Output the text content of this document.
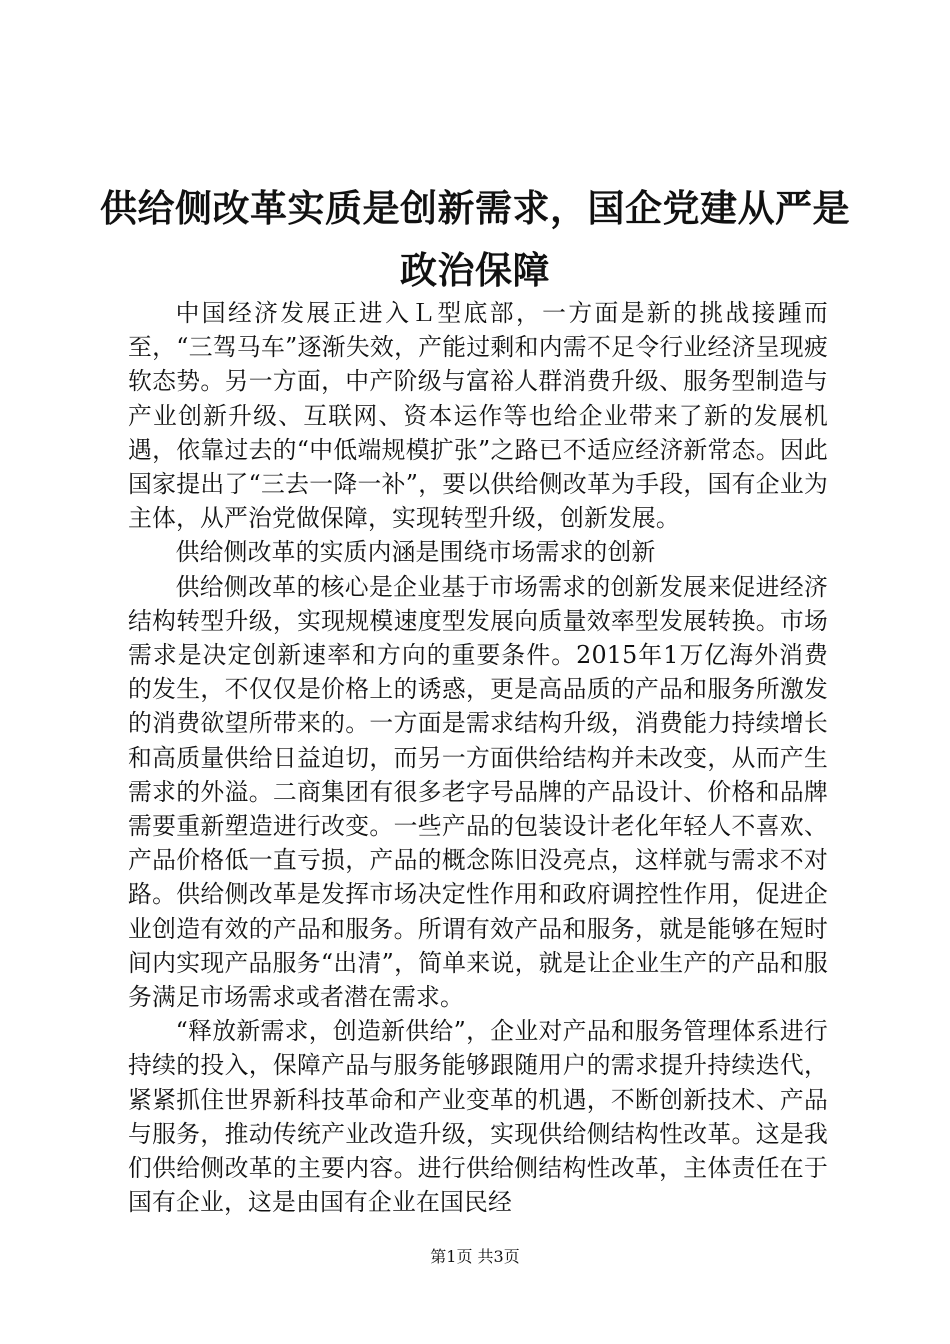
供给侧改革实质是创新需求，国企党建从严是政治保障

中国经济发展正进入Ｌ型底部，一方面是新的挑战接踵而至，“三驾马车”逐渐失效，产能过剩和内需不足令行业经济呈现疲软态势。另一方面，中产阶级与富裕人群消费升级、服务型制造与产业创新升级、互联网、资本运作等也给企业带来了新的发展机遇，依靠过去的“中低端规模扩张”之路已不适应经济新常态。因此国家提出了“三去一降一补”，要以供给侧改革为手段，国有企业为主体，从严治党做保障，实现转型升级，创新发展。

供给侧改革的实质内涵是围绕市场需求的创新

供给侧改革的核心是企业基于市场需求的创新发展来促进经济结构转型升级，实现规模速度型发展向质量效率型发展转换。市场需求是决定创新速率和方向的重要条件。2015年1万亿海外消费的发生，不仅仅是价格上的诱惑，更是高品质的产品和服务所激发的消费欲望所带来的。一方面是需求结构升级，消费能力持续增长和高质量供给日益迫切，而另一方面供给结构并未改变，从而产生需求的外溢。二商集团有很多老字号品牌的产品设计、价格和品牌需要重新塑造进行改变。一些产品的包装设计老化年轻人不喜欢、产品价格低一直亏损，产品的概念陈旧没亮点，这样就与需求不对路。供给侧改革是发挥市场决定性作用和政府调控性作用，促进企业创造有效的产品和服务。所谓有效产品和服务，就是能够在短时间内实现产品服务“出清”，简单来说，就是让企业生产的产品和服务满足市场需求或者潜在需求。

“释放新需求，创造新供给”，企业对产品和服务管理体系进行持续的投入，保障产品与服务能够跟随用户的需求提升持续迭代，紧紧抓住世界新科技革命和产业变革的机遇，不断创新技术、产品与服务，推动传统产业改造升级，实现供给侧结构性改革。这是我们供给侧改革的主要内容。进行供给侧结构性改革，主体责任在于国有企业，这是由国有企业在国民经

第1页 共3页
